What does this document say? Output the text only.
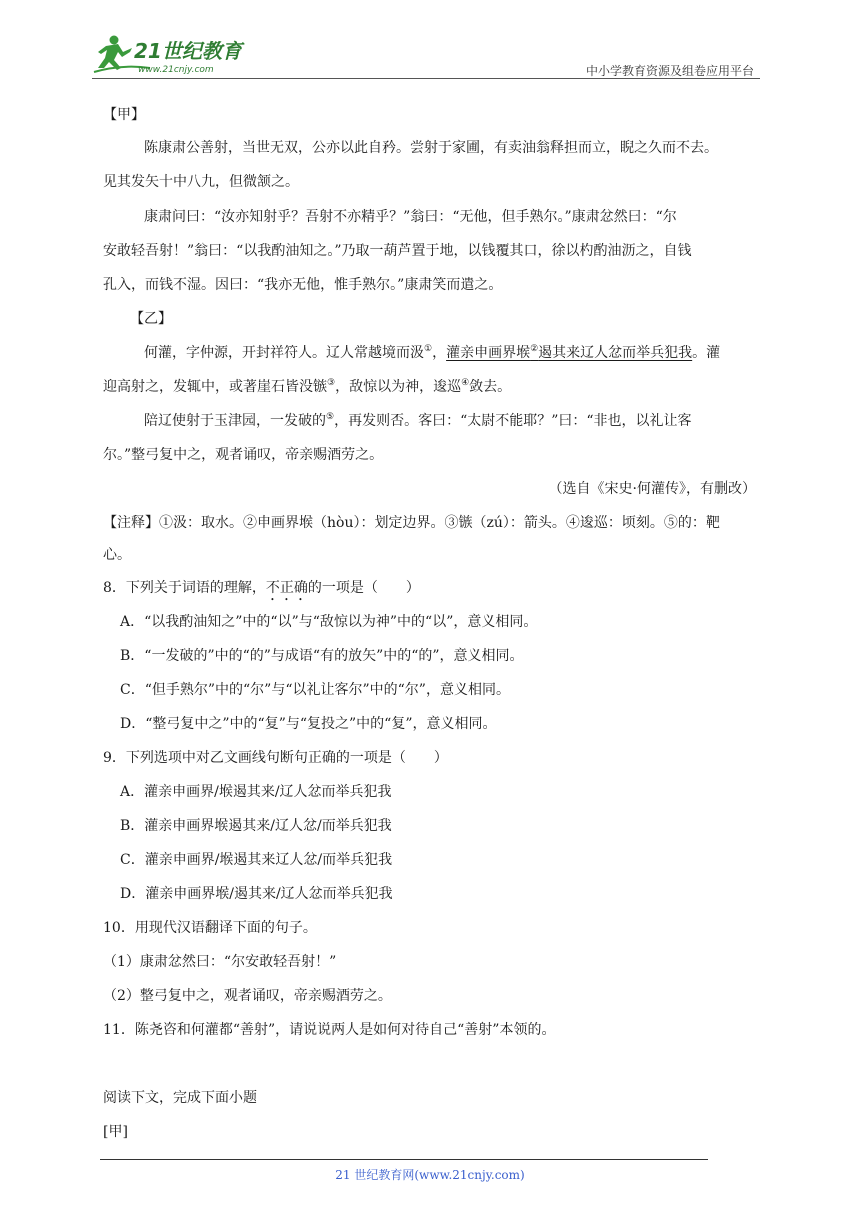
21世纪教育
www.21cnjy.com	中小学教育资源及组卷应用平台
【甲】
陈康肃公善射，当世无双，公亦以此自矜。尝射于家圃，有卖油翁释担而立，睨之久而不去。
见其发矢十中八九，但微颔之。
康肃问曰：“汝亦知射乎？吾射不亦精乎？”翁曰：“无他，但手熟尔。”康肃忿然曰：“尔
安敢轻吾射！”翁曰：“以我酌油知之。”乃取一葫芦置于地，以钱覆其口，徐以杓酌油沥之，自钱
孔入，而钱不湿。因曰：“我亦无他，惟手熟尔。”康肃笑而遣之。
【乙】
何灌，字仲源，开封祥符人。辽人常越境而汲①，灌亲申画界堠②遏其来辽人忿而举兵犯我。灌
迎高射之，发辄中，或著崖石皆没镞③，敌惊以为神，逡巡④敛去。
陪辽使射于玉津园，一发破的⑤，再发则否。客曰：“太尉不能耶？”曰：“非也，以礼让客
尔。”整弓复中之，观者诵叹，帝亲赐酒劳之。
（选自《宋史·何灌传》，有删改）
【注释】①汲：取水。②申画界堠（hòu）：划定边界。③镞（zú）：箭头。④逡巡：顷刻。⑤的：靶
心。
8．下列关于词语的理解，不正确的一项是（　　）
A．“以我酌油知之”中的“以”与“敌惊以为神”中的“以”，意义相同。
B．“一发破的”中的“的”与成语“有的放矢”中的“的”，意义相同。
C．“但手熟尔”中的“尔”与“以礼让客尔”中的“尔”，意义相同。
D．“整弓复中之”中的“复”与“复投之”中的“复”，意义相同。
9．下列选项中对乙文画线句断句正确的一项是（　　）
A．灌亲申画界/堠遏其来/辽人忿而举兵犯我
B．灌亲申画界堠遏其来/辽人忿/而举兵犯我
C．灌亲申画界/堠遏其来辽人忿/而举兵犯我
D．灌亲申画界堠/遏其来/辽人忿而举兵犯我
10．用现代汉语翻译下面的句子。
（1）康肃忿然曰：“尔安敢轻吾射！”
（2）整弓复中之，观者诵叹，帝亲赐酒劳之。
11．陈尧咨和何灌都“善射”，请说说两人是如何对待自己“善射”本领的。
阅读下文，完成下面小题
[甲]
21 世纪教育网(www.21cnjy.com)
